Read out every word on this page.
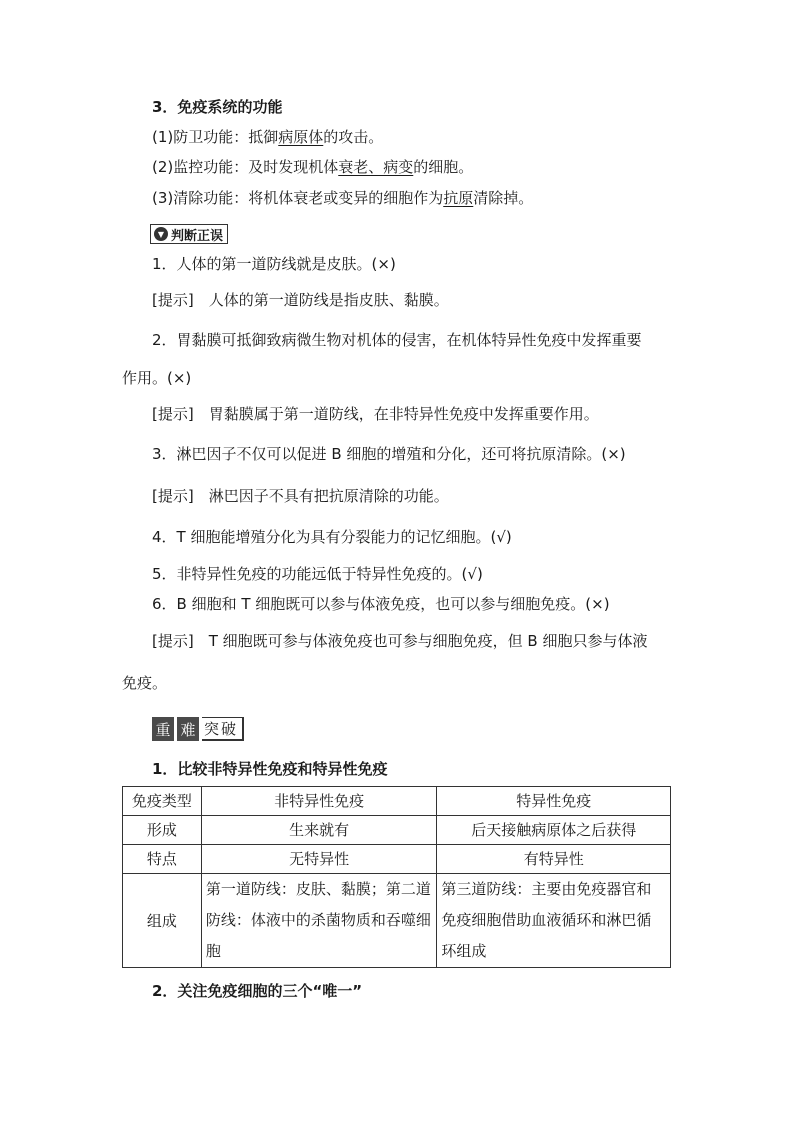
3．免疫系统的功能
(1)防卫功能：抵御病原体的攻击。
(2)监控功能：及时发现机体衰老、病变的细胞。
(3)清除功能：将机体衰老或变异的细胞作为抗原清除掉。
▼ 判断正误
1．人体的第一道防线就是皮肤。(×)
[提示]　人体的第一道防线是指皮肤、黏膜。
2．胃黏膜可抵御致病微生物对机体的侵害，在机体特异性免疫中发挥重要
作用。(×)
[提示]　胃黏膜属于第一道防线，在非特异性免疫中发挥重要作用。
3．淋巴因子不仅可以促进 B 细胞的增殖和分化，还可将抗原清除。(×)
[提示]　淋巴因子不具有把抗原清除的功能。
4．T 细胞能增殖分化为具有分裂能力的记忆细胞。(√)
5．非特异性免疫的功能远低于特异性免疫的。(√)
6．B 细胞和 T 细胞既可以参与体液免疫，也可以参与细胞免疫。(×)
[提示]　T 细胞既可参与体液免疫也可参与细胞免疫，但 B 细胞只参与体液
免疫。
重 难 突破
1．比较非特异性免疫和特异性免疫
免疫类型	非特异性免疫	特异性免疫
形成	生来就有	后天接触病原体之后获得
特点	无特异性	有特异性
组成	第一道防线：皮肤、黏膜；第二道防线：体液中的杀菌物质和吞噬细胞	第三道防线：主要由免疫器官和免疫细胞借助血液循环和淋巴循环组成
2．关注免疫细胞的三个“唯一”
